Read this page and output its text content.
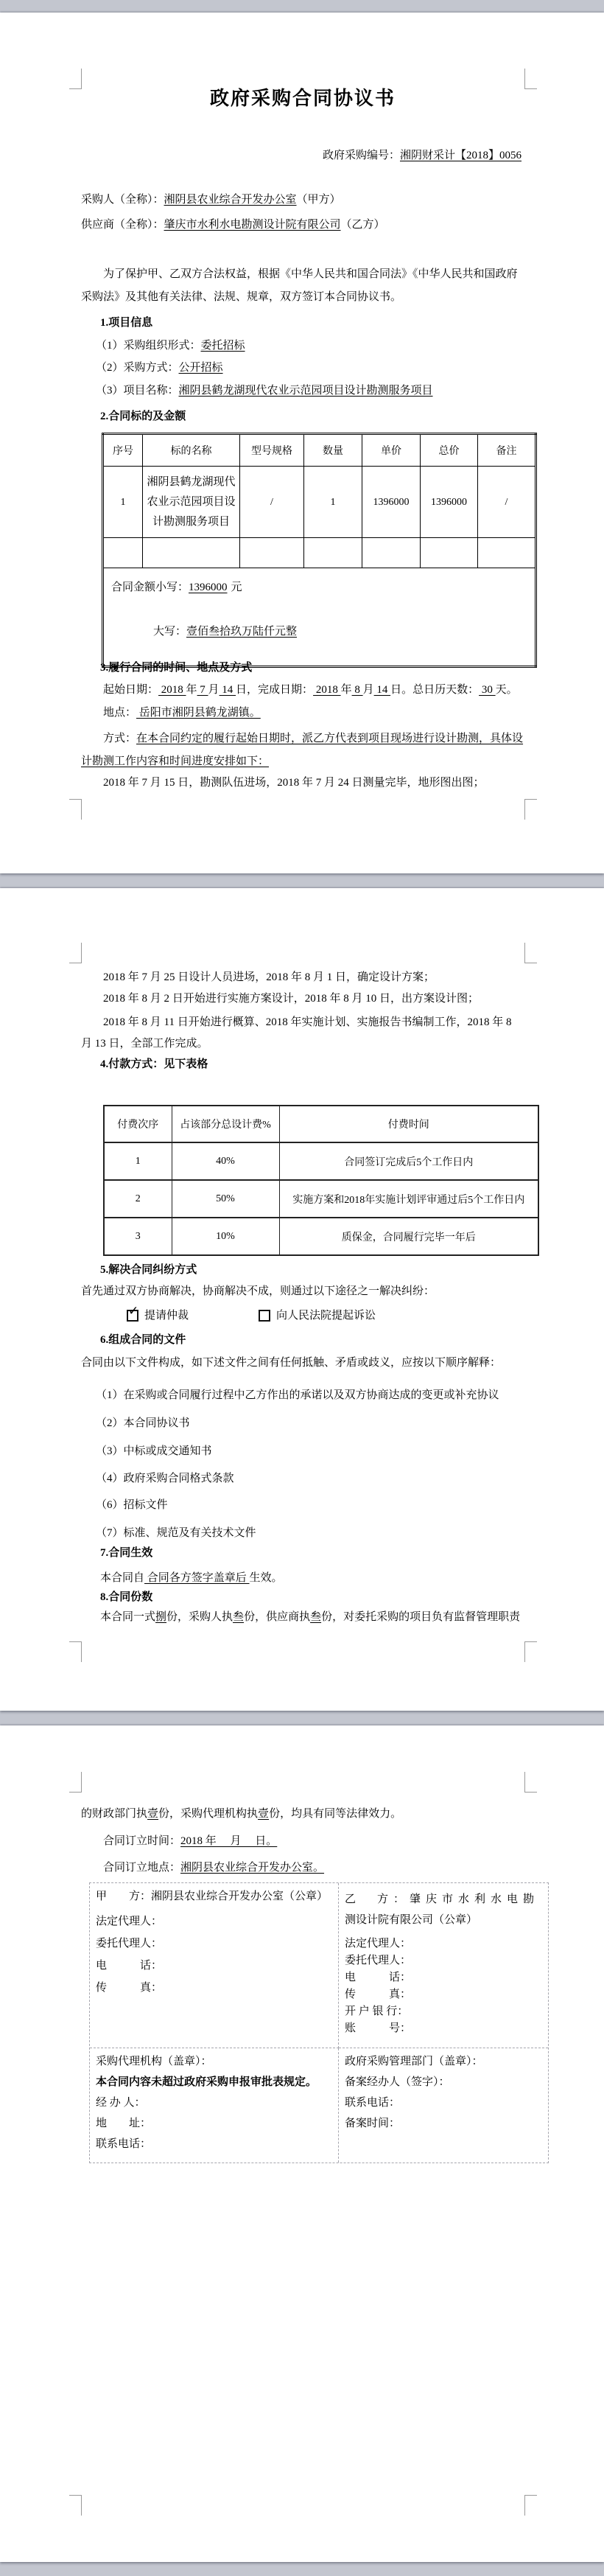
政府采购合同协议书

政府采购编号：湘阴财采计【2018】0056

采购人（全称）：湘阴县农业综合开发办公室（甲方）

供应商（全称）：肇庆市水利水电勘测设计院有限公司（乙方）

为了保护甲、乙双方合法权益，根据《中华人民共和国合同法》《中华人民共和国政府采购法》及其他有关法律、法规、规章，双方签订本合同协议书。

1.项目信息

（1）采购组织形式：委托招标

（2）采购方式：公开招标

（3）项目名称：湘阴县鹤龙湖现代农业示范园项目设计勘测服务项目

2.合同标的及金额

序号	标的名称	型号规格	数量	单价	总价	备注
1	湘阴县鹤龙湖现代农业示范园项目设计勘测服务项目	/	1	1396000	1396000	/

合同金额小写：1396000 元

大写：壹佰叁拾玖万陆仟元整						

3.履行合同的时间、地点及方式

起始日期： 2018 年 7 月 14 日，完成日期： 2018 年 8 月 14 日。总日历天数： 30 天。

地点： 岳阳市湘阴县鹤龙湖镇。

方式：在本合同约定的履行起始日期时，派乙方代表到项目现场进行设计勘测，具体设计勘测工作内容和时间进度安排如下：

2018 年 7 月 15 日，勘测队伍进场，2018 年 7 月 24 日测量完毕，地形图出图；

2018 年 7 月 25 日设计人员进场，2018 年 8 月 1 日，确定设计方案；

2018 年 8 月 2 日开始进行实施方案设计，2018 年 8 月 10 日，出方案设计图；

2018 年 8 月 11 日开始进行概算、2018 年实施计划、实施报告书编制工作，2018 年 8 月 13 日，全部工作完成。

4.付款方式：见下表格

付费次序	占该部分总设计费%	付费时间
1	40%	合同签订完成后5个工作日内
2	50%	实施方案和2018年实施计划评审通过后5个工作日内
3	10%	质保金，合同履行完毕一年后

5.解决合同纠纷方式

首先通过双方协商解决，协商解决不成，则通过以下途径之一解决纠纷：

✓ 提请仲裁	向人民法院提起诉讼

6.组成合同的文件

合同由以下文件构成，如下述文件之间有任何抵触、矛盾或歧义，应按以下顺序解释：

（1）在采购或合同履行过程中乙方作出的承诺以及双方协商达成的变更或补充协议

（2）本合同协议书

（3）中标或成交通知书

（4）政府采购合同格式条款

（6）招标文件

（7）标准、规范及有关技术文件

7.合同生效

本合同自 合同各方签字盖章后 生效。

8.合同份数

本合同一式捌份，采购人执叁份，供应商执叁份，对委托采购的项目负有监督管理职责

的财政部门执壹份，采购代理机构执壹份，均具有同等法律效力。

合同订立时间：2018 年　 月　 日。

合同订立地点：湘阴县农业综合开发办公室。

甲　　方：湘阴县农业综合开发办公室（公章）

法定代理人：

委托代理人：

电　　　话：

传　　　真：

乙　方：肇庆市水利水电勘

测设计院有限公司（公章）

法定代理人：

委托代理人：

电　　　话：

传　　　真：

开 户 银 行：

账　　　号：

采购代理机构（盖章）：

本合同内容未超过政府采购申报审批表规定。

经 办 人：

地　　址：

联系电话：

政府采购管理部门（盖章）：

备案经办人（签字）：

联系电话：

备案时间：
